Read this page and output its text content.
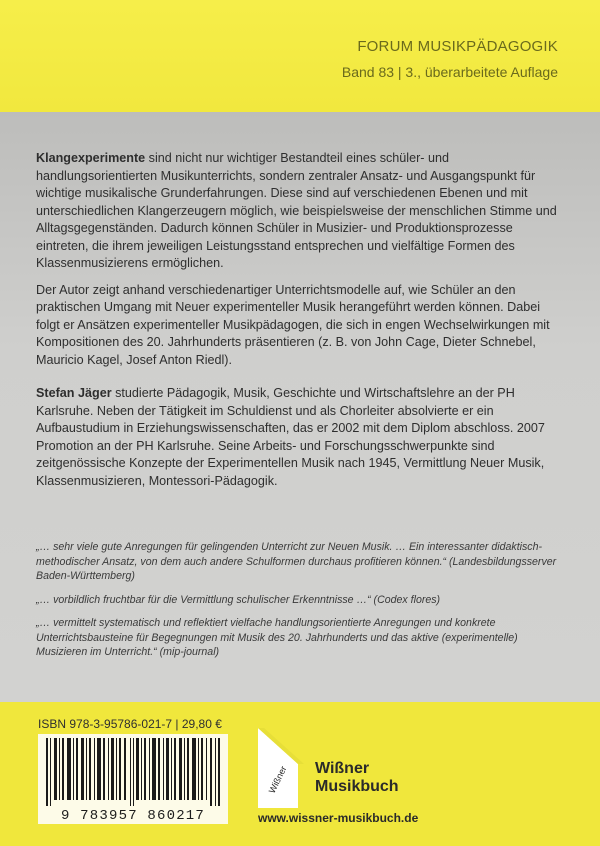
FORUM MUSIKPÄDAGOGIK
Band 83 | 3., überarbeitete Auflage

Klangexperimente sind nicht nur wichtiger Bestandteil eines schüler- und handlungsorientierten Musikunterrichts, sondern zentraler Ansatz- und Ausgangspunkt für wichtige musikalische Grunderfahrungen. Diese sind auf verschiedenen Ebenen und mit unterschiedlichen Klangerzeugern möglich, wie beispielsweise der menschlichen Stimme und Alltagsgegenständen. Dadurch können Schüler in Musizier- und Produktionsprozesse eintreten, die ihrem jeweiligen Leistungsstand entsprechen und vielfältige Formen des Klassenmusizierens ermöglichen.

Der Autor zeigt anhand verschiedenartiger Unterrichtsmodelle auf, wie Schüler an den praktischen Umgang mit Neuer experimenteller Musik herangeführt werden können. Dabei folgt er Ansätzen experimenteller Musikpädagogen, die sich in engen Wechselwirkungen mit Kompositionen des 20. Jahrhunderts präsentieren (z. B. von John Cage, Dieter Schnebel, Mauricio Kagel, Josef Anton Riedl).

Stefan Jäger studierte Pädagogik, Musik, Geschichte und Wirtschaftslehre an der PH Karlsruhe. Neben der Tätigkeit im Schuldienst und als Chorleiter absolvierte er ein Aufbaustudium in Erziehungswissenschaften, das er 2002 mit dem Diplom abschloss. 2007 Promotion an der PH Karlsruhe. Seine Arbeits- und Forschungsschwerpunkte sind zeitgenössische Konzepte der Experimentellen Musik nach 1945, Vermittlung Neuer Musik, Klassenmusizieren, Montessori-Pädagogik.

„… sehr viele gute Anregungen für gelingenden Unterricht zur Neuen Musik. … Ein interessanter didaktisch-methodischer Ansatz, von dem auch andere Schulformen durchaus profitieren können.“ (Landesbildungsserver Baden-Württemberg)

„… vorbildlich fruchtbar für die Vermittlung schulischer Erkenntnisse …“ (Codex flores)

„… vermittelt systematisch und reflektiert vielfache handlungsorientierte Anregungen und konkrete Unterrichtsbausteine für Begegnungen mit Musik des 20. Jahrhunderts und das aktive (experimentelle) Musizieren im Unterricht.“ (mip-journal)

ISBN 978-3-95786-021-7 | 29,80 €
9 783957 860217
Wißner Wißner
Musikbuch
www.wissner-musikbuch.de
